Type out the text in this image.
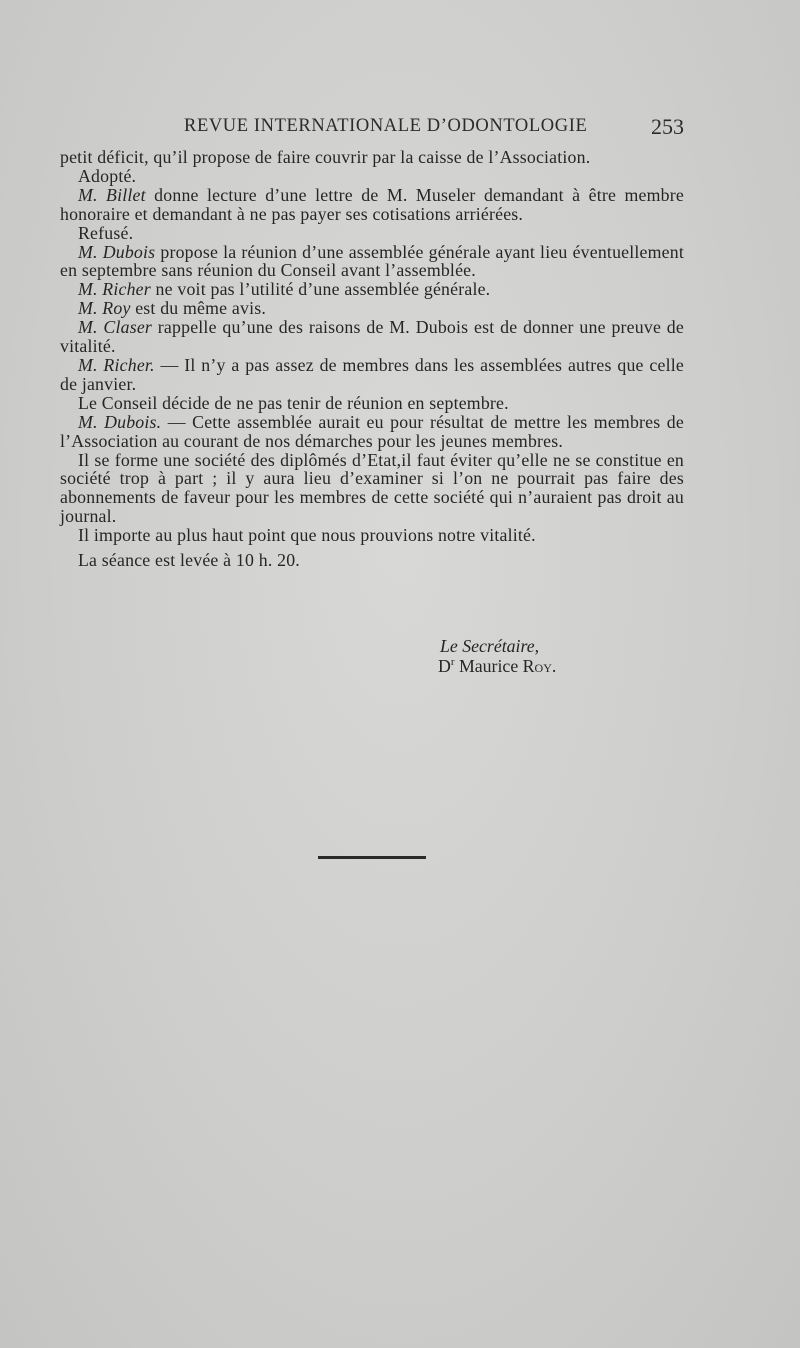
REVUE INTERNATIONALE D’ODONTOLOGIE	253

petit déficit, qu’il propose de faire couvrir par la caisse de l’Association.

Adopté.

M. Billet donne lecture d’une lettre de M. Museler demandant à être membre honoraire et demandant à ne pas payer ses cotisations arriérées.

Refusé.

M. Dubois propose la réunion d’une assemblée générale ayant lieu éventuellement en septembre sans réunion du Conseil avant l’assemblée.

M. Richer ne voit pas l’utilité d’une assemblée générale.

M. Roy est du même avis.

M. Claser rappelle qu’une des raisons de M. Dubois est de donner une preuve de vitalité.

M. Richer. — Il n’y a pas assez de membres dans les assemblées autres que celle de janvier.

Le Conseil décide de ne pas tenir de réunion en septembre.

M. Dubois. — Cette assemblée aurait eu pour résultat de mettre les membres de l’Association au courant de nos démarches pour les jeunes membres.

Il se forme une société des diplômés d’Etat,il faut éviter qu’elle ne se constitue en société trop à part ; il y aura lieu d’examiner si l’on ne pourrait pas faire des abonnements de faveur pour les membres de cette société qui n’auraient pas droit au journal.

Il importe au plus haut point que nous prouvions notre vitalité.

La séance est levée à 10 h. 20.

Le Secrétaire,
$D^r$ Maurice Roy.
